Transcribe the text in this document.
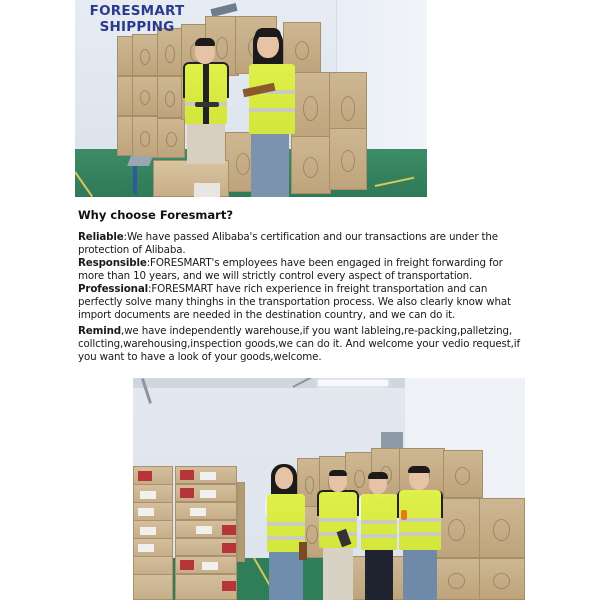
FORESMART
SHIPPING
Why choose Foresmart?

Reliable:We have passed Alibaba's certification and our transactions are under the protection of Alibaba.

Responsible:FORESMART's employees have been engaged in freight forwarding for more than 10 years, and we will strictly control every aspect of transportation.

Professional:FORESMART have rich experience in freight transportation and can perfectly solve many thinghs in the transportation process. We also clearly know what import documents are needed in the destination country, and we can do it.

Remind,we have independently warehouse,if you want lableing,re-packing,palletzing, collcting,warehousing,inspection goods,we can do it. And welcome your vedio request,if you want to have a look of your goods,welcome.
